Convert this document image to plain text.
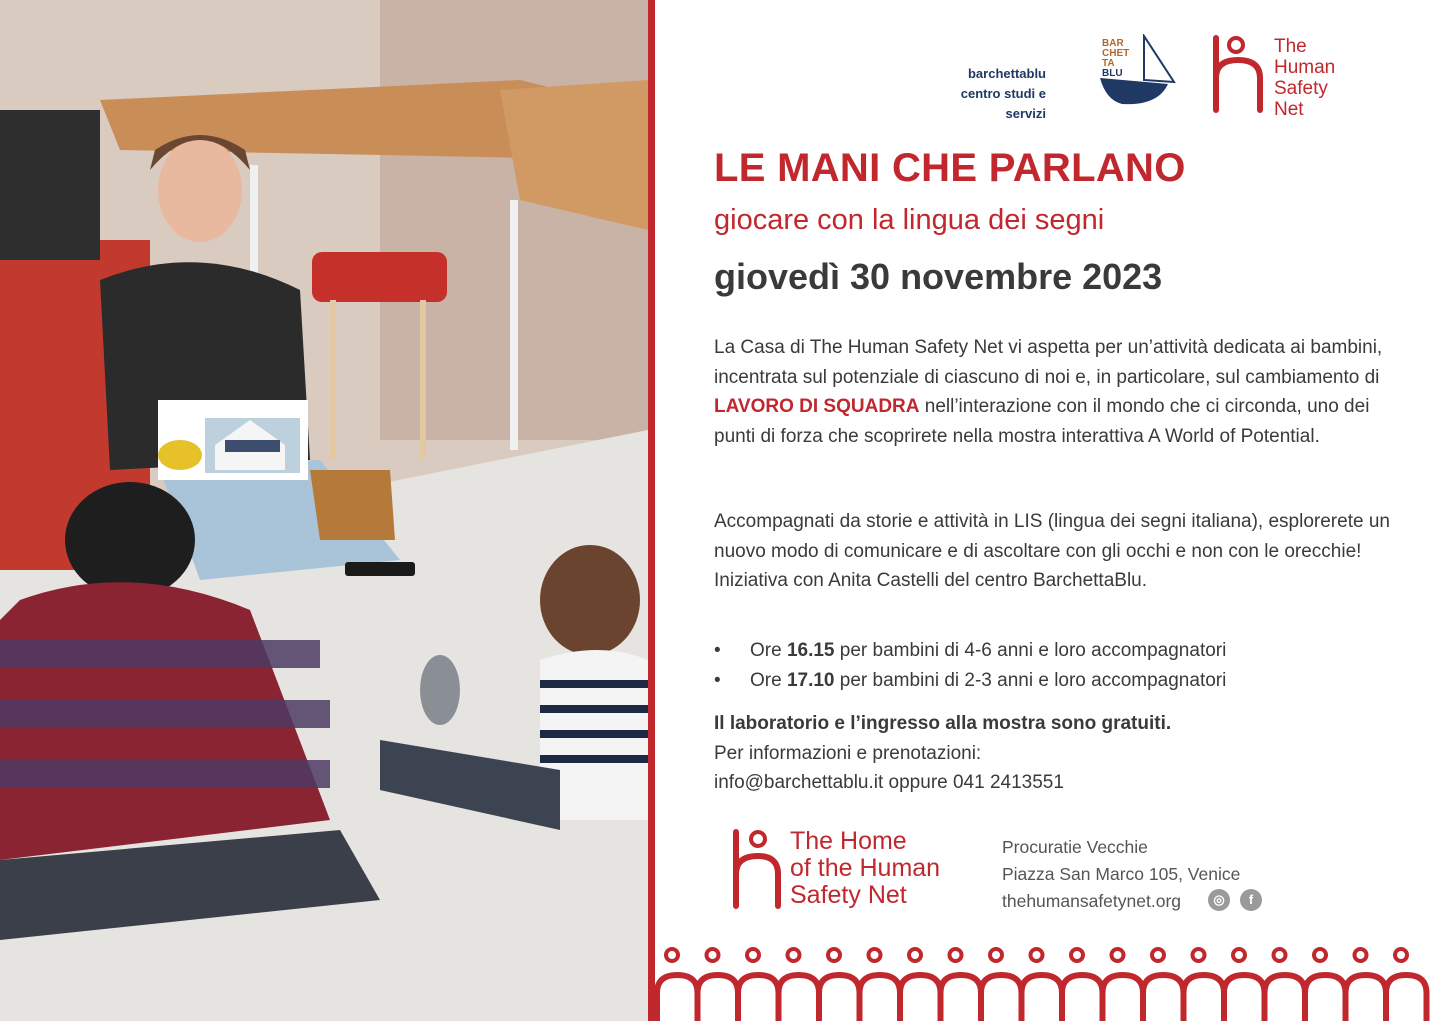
barchettablu
centro studi e servizi
BAR
CHET
TA
BLU
The
Human
Safety
Net
LE MANI CHE PARLANO
giocare con la lingua dei segni
giovedì 30 novembre 2023
La Casa di The Human Safety Net vi aspetta per un’attività dedicata ai bambini, incentrata sul potenziale di ciascuno di noi e, in particolare, sul cambiamento di LAVORO DI SQUADRA nell’interazione con il mondo che ci circonda, uno dei punti di forza che scoprirete nella mostra interattiva A World of Potential.
Accompagnati da storie e attività in LIS (lingua dei segni italiana), esplorerete un nuovo modo di comunicare e di ascoltare con gli occhi e non con le orecchie! Iniziativa con Anita Castelli del centro BarchettaBlu.
• Ore 16.15 per bambini di 4-6 anni e loro accompagnatori
• Ore 17.10 per bambini di 2-3 anni e loro accompagnatori
Il laboratorio e l’ingresso alla mostra sono gratuiti.
Per informazioni e prenotazioni:
info@barchettablu.it oppure 041 2413551
The Home
of the Human
Safety Net
Procuratie Vecchie
Piazza San Marco 105, Venice
thehumansafetynet.org	◎	f
